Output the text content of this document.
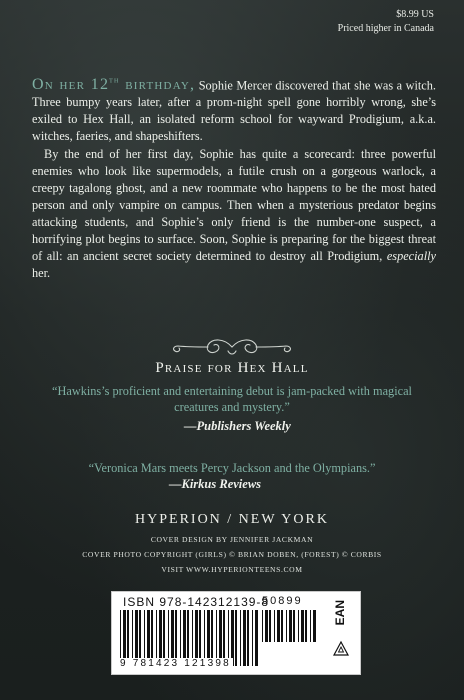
$8.99 US
Priced higher in Canada

On her 12th birthday, Sophie Mercer discovered that she was a witch. Three bumpy years later, after a prom-night spell gone horribly wrong, she’s exiled to Hex Hall, an isolated reform school for wayward Prodigium, a.k.a. witches, faeries, and shapeshifters.

By the end of her first day, Sophie has quite a scorecard: three powerful enemies who look like supermodels, a futile crush on a gorgeous warlock, a creepy tagalong ghost, and a new roommate who happens to be the most hated person and only vampire on campus. Then when a mysterious predator begins attacking students, and Sophie’s only friend is the number-one suspect, a horrifying plot begins to surface. Soon, Sophie is preparing for the biggest threat of all: an ancient secret society determined to destroy all Prodigium, especially her.

Praise for Hex Hall
“Hawkins’s proficient and entertaining debut is jam-packed with magical creatures and mystery.”
—Publishers Weekly
“Veronica Mars meets Percy Jackson and the Olympians.”
—Kirkus Reviews
HYPERION / NEW YORK
COVER DESIGN BY JENNIFER JACKMAN
COVER PHOTO COPYRIGHT (GIRLS) © BRIAN DOBEN, (FOREST) © CORBIS
VISIT WWW.HYPERIONTEENS.COM
ISBN 978-142312139-8
50899
9 781423 121398
EAN
